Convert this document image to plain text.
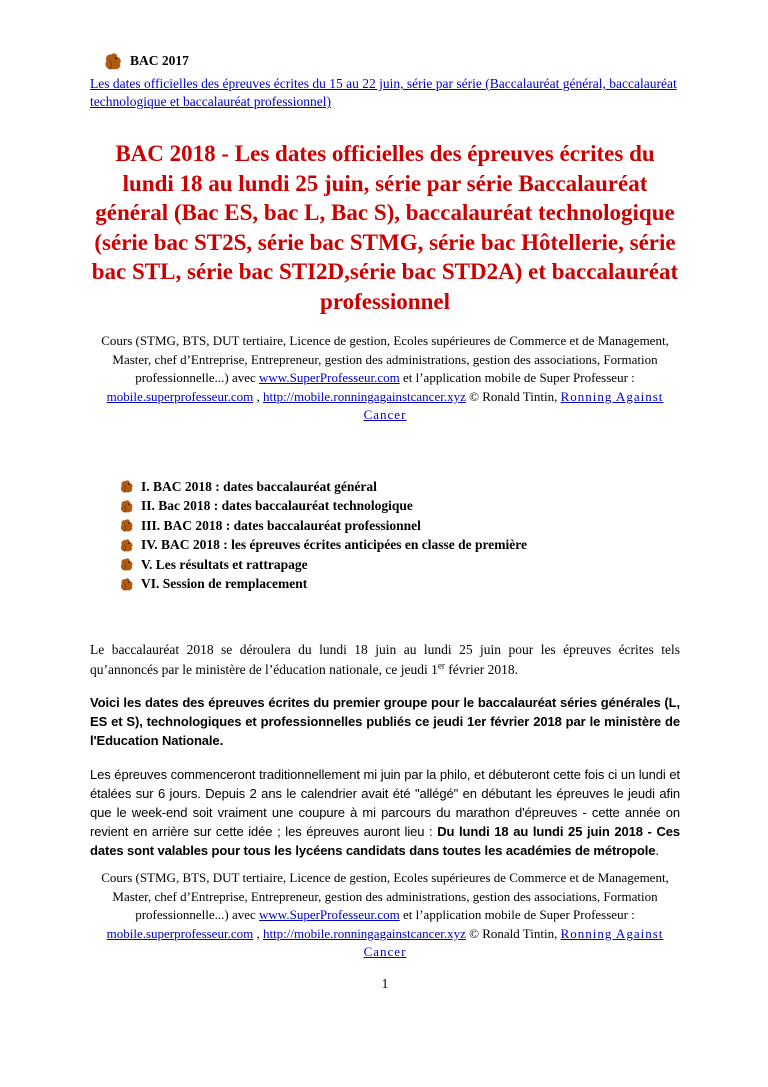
BAC 2017
Les dates officielles des épreuves écrites du 15 au 22 juin, série par série (Baccalauréat général, baccalauréat technologique et baccalauréat professionnel)
BAC 2018 - Les dates officielles des épreuves écrites du lundi 18 au lundi 25 juin, série par série Baccalauréat général (Bac ES, bac L, Bac S), baccalauréat technologique (série bac ST2S, série bac STMG, série bac Hôtellerie, série bac STL, série bac STI2D,série bac STD2A) et baccalauréat professionnel

Cours (STMG, BTS, DUT tertiaire, Licence de gestion, Ecoles supérieures de Commerce et de Management, Master, chef d’Entreprise, Entrepreneur, gestion des administrations, gestion des associations, Formation professionnelle...) avec www.SuperProfesseur.com et l’application mobile de Super Professeur : mobile.superprofesseur.com , http://mobile.ronningagainstcancer.xyz © Ronald Tintin, Ronning Against Cancer

I. BAC 2018 : dates baccalauréat général
II. Bac 2018 : dates baccalauréat technologique
III. BAC 2018 : dates baccalauréat professionnel
IV. BAC 2018 : les épreuves écrites anticipées en classe de première
V. Les résultats et rattrapage
VI. Session de remplacement

Le baccalauréat 2018 se déroulera du lundi 18 juin au lundi 25 juin pour les épreuves écrites tels qu’annoncés par le ministère de l’éducation nationale, ce jeudi 1er février 2018.

Voici les dates des épreuves écrites du premier groupe pour le baccalauréat séries générales (L, ES et S), technologiques et professionnelles publiés ce jeudi 1er février 2018 par le ministère de l'Education Nationale.

Les épreuves commenceront traditionnellement mi juin par la philo, et débuteront cette fois ci un lundi et étalées sur 6 jours. Depuis 2 ans le calendrier avait été "allégé" en débutant les épreuves le jeudi afin que le week-end soit vraiment une coupure à mi parcours du marathon d'épreuves - cette année on revient en arrière sur cette idée ; les épreuves auront lieu : Du lundi 18 au lundi 25 juin 2018 - Ces dates sont valables pour tous les lycéens candidats dans toutes les académies de métropole.

Cours (STMG, BTS, DUT tertiaire, Licence de gestion, Ecoles supérieures de Commerce et de Management, Master, chef d’Entreprise, Entrepreneur, gestion des administrations, gestion des associations, Formation professionnelle...) avec www.SuperProfesseur.com et l’application mobile de Super Professeur : mobile.superprofesseur.com , http://mobile.ronningagainstcancer.xyz © Ronald Tintin, Ronning Against Cancer

1
